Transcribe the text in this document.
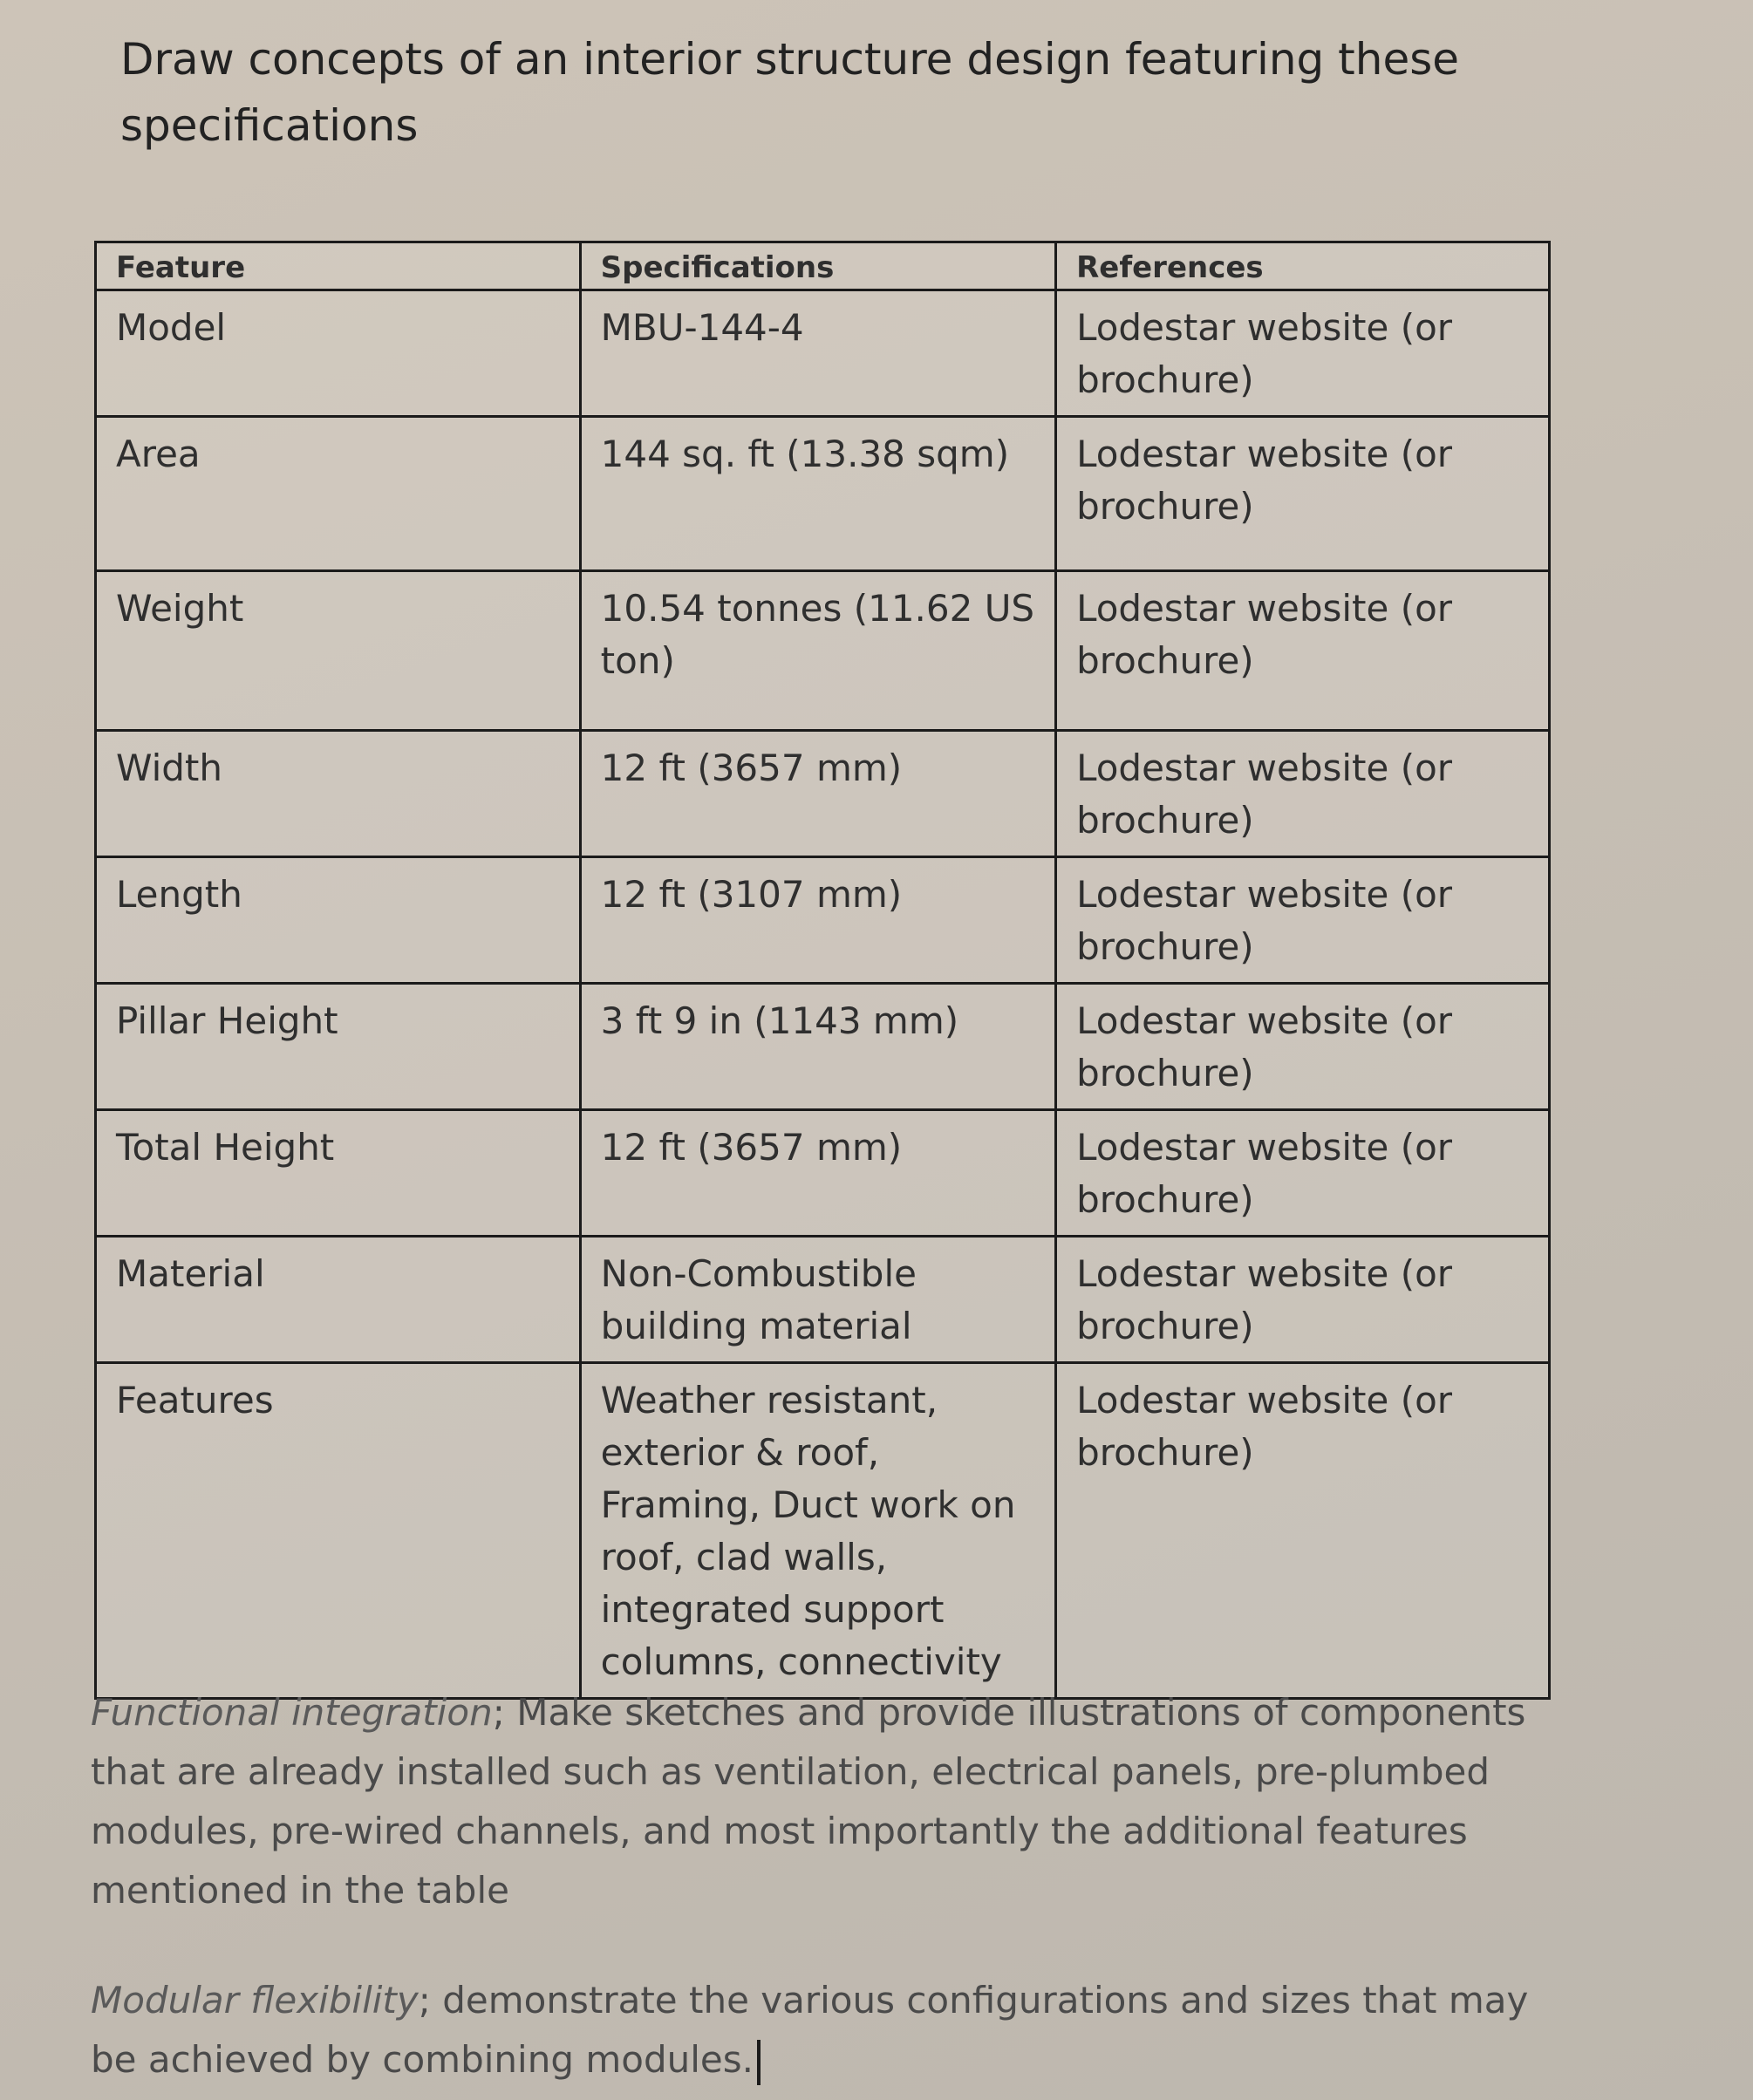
Draw concepts of an interior structure design featuring these specifications
Feature	Specifications	References
Model	MBU-144-4	Lodestar website (or brochure)
Area	144 sq. ft (13.38 sqm)	Lodestar website (or brochure)
Weight	10.54 tonnes (11.62 US ton)	Lodestar website (or brochure)
Width	12 ft (3657 mm)	Lodestar website (or brochure)
Length	12 ft (3107 mm)	Lodestar website (or brochure)
Pillar Height	3 ft 9 in (1143 mm)	Lodestar website (or brochure)
Total Height	12 ft (3657 mm)	Lodestar website (or brochure)
Material	Non-Combustible building material	Lodestar website (or brochure)
Features	Weather resistant, exterior & roof, Framing, Duct work on roof, clad walls, integrated support columns, connectivity	Lodestar website (or brochure)
Functional integration; Make sketches and provide illustrations of components that are already installed such as ventilation, electrical panels, pre-plumbed modules, pre-wired channels, and most importantly the additional features mentioned in the table
Modular flexibility; demonstrate the various configurations and sizes that may be achieved by combining modules.
